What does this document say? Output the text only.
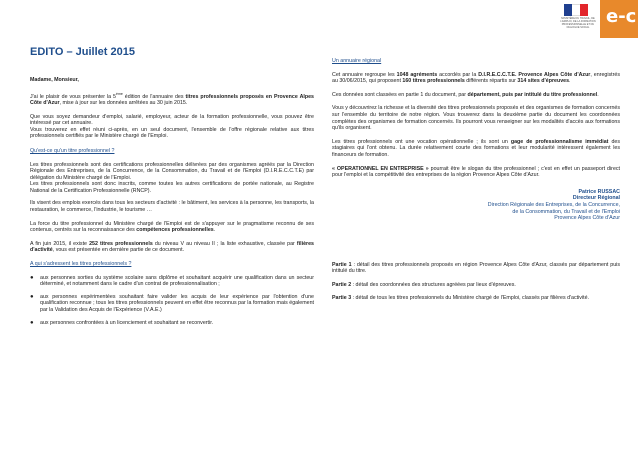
MINISTÈRE DU TRAVAIL, DE L'EMPLOI, DE LA FORMATION PROFESSIONNELLE ET DU DIALOGUE SOCIAL
e-c
EDITO – Juillet 2015

Madame, Monsieur,

J'ai le plaisir de vous présenter la 5ème édition de l'annuaire des titres professionnels proposés en Provence Alpes Côte d'Azur, mise à jour sur les données arrêtées au 30 juin 2015.

Que vous soyez demandeur d'emploi, salarié, employeur, acteur de la formation professionnelle, vous pouvez être intéressé par cet annuaire.
Vous trouverez en effet réuni ci-après, en un seul document, l'ensemble de l'offre régionale relative aux titres professionnels certifiés par le Ministère chargé de l'Emploi.

Qu'est-ce qu'un titre professionnel ?

Les titres professionnels sont des certifications professionnelles délivrées par des organismes agréés par la Direction Régionale des Entreprises, de la Concurrence, de la Consommation, du Travail et de l'Emploi (D.I.R.E.C.C.T.E) par délégation du Ministère chargé de l'Emploi.
Les titres professionnels sont donc inscrits, comme toutes les autres certifications de portée nationale, au Registre National de la Certification Professionnelle (RNCP).

Ils visent des emplois exercés dans tous les secteurs d'activité : le bâtiment, les services à la personne, les transports, la restauration, le commerce, l'industrie, le tourisme …

La force du titre professionnel du Ministère chargé de l'Emploi est de s'appuyer sur le pragmatisme reconnu de ses contenus, centrés sur la reconnaissance des compétences professionnelles.

A fin juin 2015, il existe 252 titres professionnels du niveau V au niveau II ; la liste exhaustive, classée par filières d'activité, vous est présentée en dernière partie de ce document.

A qui s'adressent les titres professionnels ?
●	aux personnes sorties du système scolaire sans diplôme et souhaitant acquérir une qualification dans un secteur déterminé, et notamment dans le cadre d'un contrat de professionnalisation ;
●	aux personnes expérimentées souhaitant faire valider les acquis de leur expérience par l'obtention d'une qualification reconnue ; tous les titres professionnels peuvent en effet être reconnus par la formation mais également par la Validation des Acquis de l'Expérience (V.A.E.)
●	aux personnes confrontées à un licenciement et souhaitant se reconvertir.
Un annuaire régional

Cet annuaire regroupe les 1048 agréments accordés par la D.I.R.E.C.C.T.E. Provence Alpes Côte d'Azur, enregistrés au 30/06/2015, qui proposent 160 titres professionnels différents répartis sur 314 sites d'épreuves.

Ces données sont classées en partie 1 du document, par département, puis par intitulé du titre professionnel.

Vous y découvrirez la richesse et la diversité des titres professionnels proposés et des organismes de formation concernés sur l'ensemble du territoire de notre région. Vous trouverez dans la deuxième partie du document les coordonnées complètes des organismes de formation concernés. Ils pourront vous renseigner sur les modalités d'accès aux formations qu'ils organisent.

Les titres professionnels ont une vocation opérationnelle ; ils sont un gage de professionnalisme immédiat des stagiaires qui l'ont obtenu. La durée relativement courte des formations et leur modularité intéressent également les financeurs de formation.

« OPERATIONNEL EN ENTREPRISE » pourrait être le slogan du titre professionnel ; c'est en effet un passeport direct pour l'emploi et la compétitivité des entreprises de la région Provence Alpes Côte d'Azur.

Patrice RUSSAC
Directeur Régional
Direction Régionale des Entreprises, de la Concurrence,
de la Consommation, du Travail et de l'Emploi
Provence Alpes Côte d'Azur

Partie 1 : détail des titres professionnels proposés en région Provence Alpes Côte d'Azur, classés par département puis intitulé du titre.

Partie 2 : détail des coordonnées des structures agréées par lieux d'épreuves.

Partie 3 : détail de tous les titres professionnels du Ministère chargé de l'Emploi, classés par filières d'activité.
